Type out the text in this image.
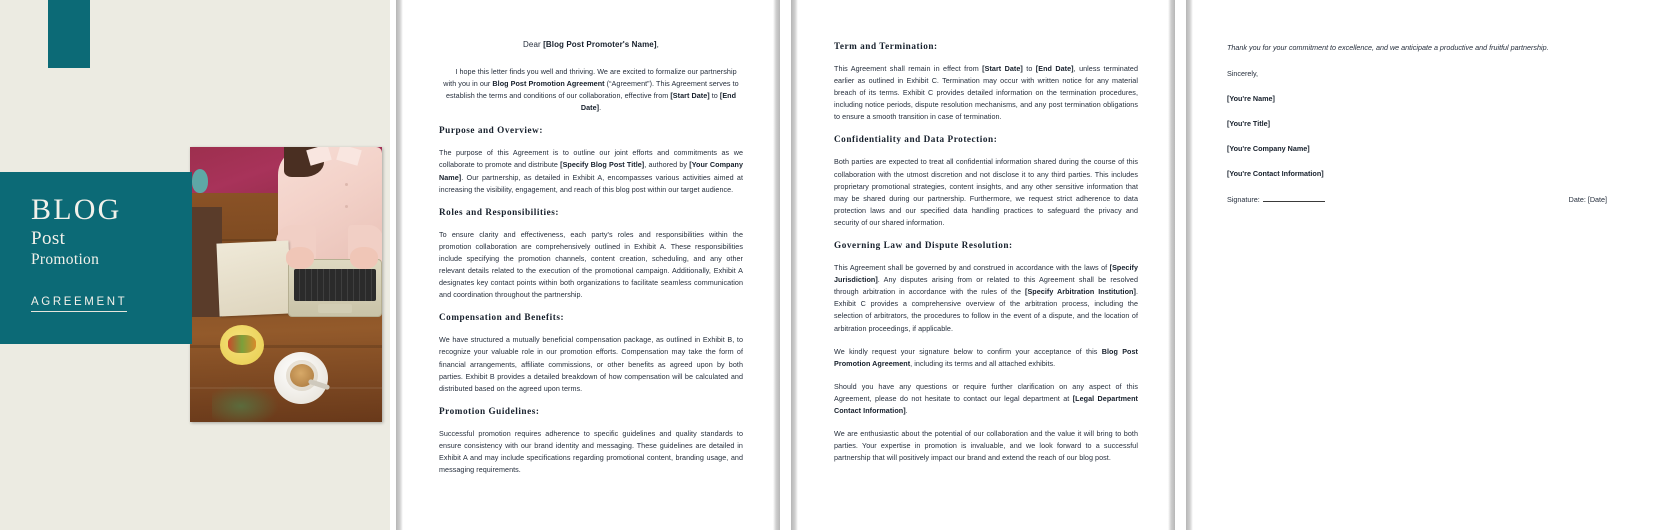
BLOG
Post
Promotion
AGREEMENT

Dear [Blog Post Promoter's Name],

I hope this letter finds you well and thriving. We are excited to formalize our partnership with you in our Blog Post Promotion Agreement (“Agreement”). This Agreement serves to establish the terms and conditions of our collaboration, effective from [Start Date] to [End Date].

Purpose and Overview:

The purpose of this Agreement is to outline our joint efforts and commitments as we collaborate to promote and distribute [Specify Blog Post Title], authored by [Your Company Name]. Our partnership, as detailed in Exhibit A, encompasses various activities aimed at increasing the visibility, engagement, and reach of this blog post within our target audience.

Roles and Responsibilities:

To ensure clarity and effectiveness, each party's roles and responsibilities within the promotion collaboration are comprehensively outlined in Exhibit A. These responsibilities include specifying the promotion channels, content creation, scheduling, and any other relevant details related to the execution of the promotional campaign. Additionally, Exhibit A designates key contact points within both organizations to facilitate seamless communication and coordination throughout the partnership.

Compensation and Benefits:

We have structured a mutually beneficial compensation package, as outlined in Exhibit B, to recognize your valuable role in our promotion efforts. Compensation may take the form of financial arrangements, affiliate commissions, or other benefits as agreed upon by both parties. Exhibit B provides a detailed breakdown of how compensation will be calculated and distributed based on the agreed upon terms.

Promotion Guidelines:

Successful promotion requires adherence to specific guidelines and quality standards to ensure consistency with our brand identity and messaging. These guidelines are detailed in Exhibit A and may include specifications regarding promotional content, branding usage, and messaging requirements.

Term and Termination:

This Agreement shall remain in effect from [Start Date] to [End Date], unless terminated earlier as outlined in Exhibit C. Termination may occur with written notice for any material breach of its terms. Exhibit C provides detailed information on the termination procedures, including notice periods, dispute resolution mechanisms, and any post termination obligations to ensure a smooth transition in case of termination.

Confidentiality and Data Protection:

Both parties are expected to treat all confidential information shared during the course of this collaboration with the utmost discretion and not disclose it to any third parties. This includes proprietary promotional strategies, content insights, and any other sensitive information that may be shared during our partnership. Furthermore, we request strict adherence to data protection laws and our specified data handling practices to safeguard the privacy and security of our shared information.

Governing Law and Dispute Resolution:

This Agreement shall be governed by and construed in accordance with the laws of [Specify Jurisdiction]. Any disputes arising from or related to this Agreement shall be resolved through arbitration in accordance with the rules of the [Specify Arbitration Institution]. Exhibit C provides a comprehensive overview of the arbitration process, including the selection of arbitrators, the procedures to follow in the event of a dispute, and the location of arbitration proceedings, if applicable.

We kindly request your signature below to confirm your acceptance of this Blog Post Promotion Agreement, including its terms and all attached exhibits.

Should you have any questions or require further clarification on any aspect of this Agreement, please do not hesitate to contact our legal department at [Legal Department Contact Information].

We are enthusiastic about the potential of our collaboration and the value it will bring to both parties. Your expertise in promotion is invaluable, and we look forward to a successful partnership that will positively impact our brand and extend the reach of our blog post.

Thank you for your commitment to excellence, and we anticipate a productive and fruitful partnership.
Sincerely,
[You're Name]
[You're Title]
[You're Company Name]
[You're Contact Information]
Signature:	Date: [Date]
